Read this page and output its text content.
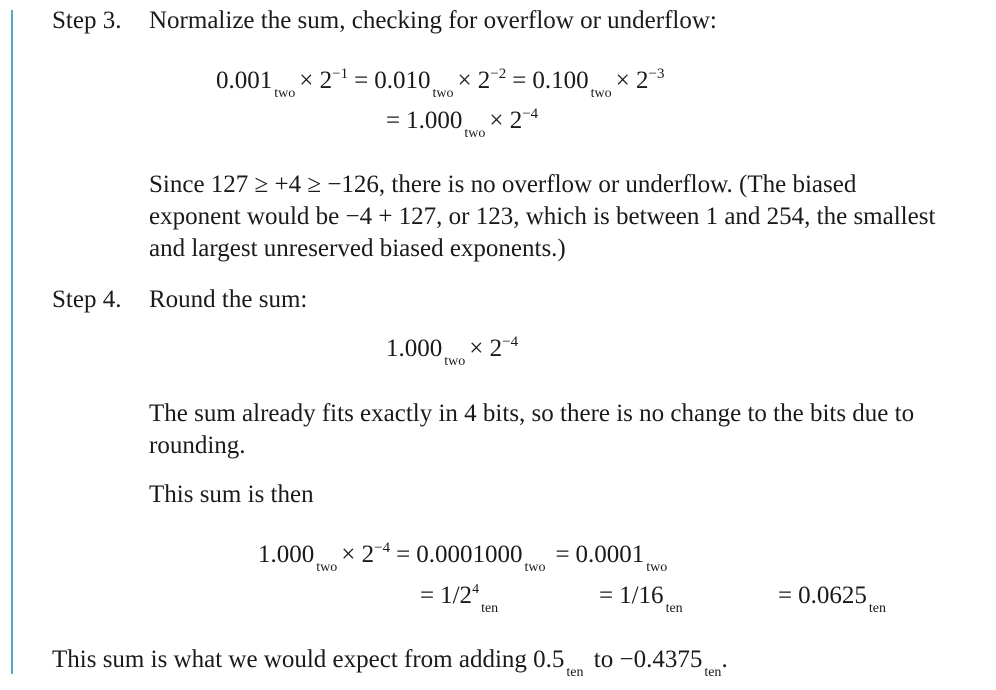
Step 3. Normalize the sum, checking for overflow or underflow:
0.001 $_{two} \times 2^{-1} = 0.010$ $_{two} \times 2^{-2} = 0.100$ $_{two} \times 2^{-3}$
= 1.000 $_{two} \times 2^{-4}$
Since 127 ≥ +4 ≥ −126, there is no overflow or underflow. (The biased exponent would be −4 + 127, or 123, which is between 1 and 254, the smallest and largest unreserved biased exponents.)
Step 4. Round the sum:
1.000 $_{two} \times 2^{-4}$
The sum already fits exactly in 4 bits, so there is no change to the bits due to rounding.
This sum is then
1.000 $_{two} \times 2^{-4} = 0.0001000$ $_{two}$ = 0.0001 $_{two}$
= $1/2^4_{ten}$	= 1/16 $_{ten}$	= 0.0625 $_{ten}$
This sum is what we would expect from adding 0.5 $_{ten}$ to −0.4375 $_{ten}$.
